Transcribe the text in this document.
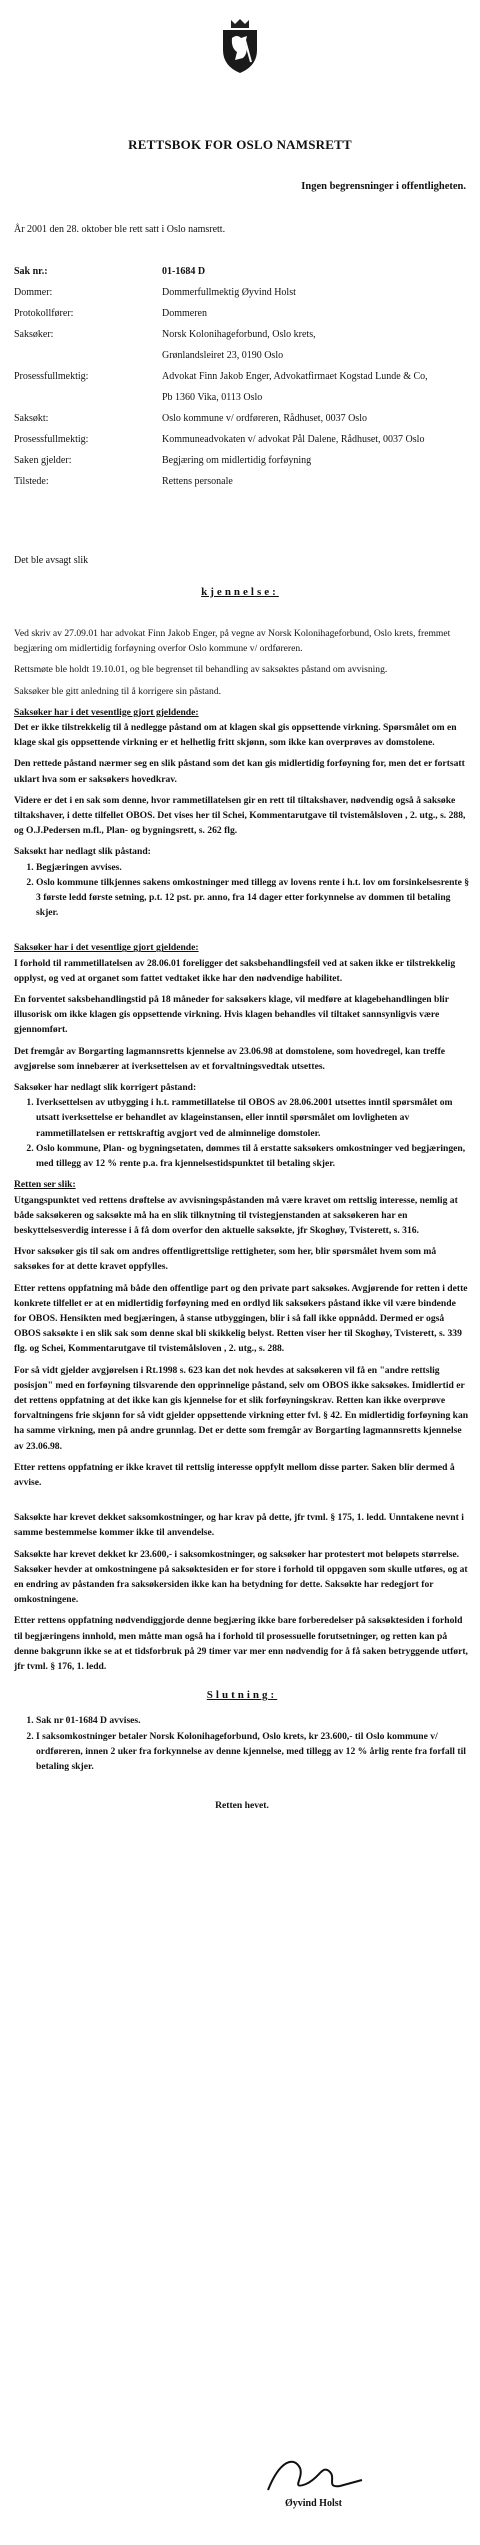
RETTSBOK FOR OSLO NAMSRETT
Ingen begrensninger i offentligheten.
År 2001 den 28. oktober ble rett satt i Oslo namsrett.
Sak nr.:	01-1684 D
Dommer:	Dommerfullmektig Øyvind Holst
Protokollfører:	Dommeren
Saksøker:	Norsk Kolonihageforbund, Oslo krets,
Grønlandsleiret 23, 0190 Oslo
Prosessfullmektig:	Advokat Finn Jakob Enger, Advokatfirmaet Kogstad Lunde & Co,
Pb 1360 Vika, 0113 Oslo
Saksøkt:	Oslo kommune v/ ordføreren, Rådhuset, 0037 Oslo
Prosessfullmektig:	Kommuneadvokaten v/ advokat Pål Dalene, Rådhuset, 0037 Oslo
Saken gjelder:	Begjæring om midlertidig forføyning
Tilstede:	Rettens personale
Det ble avsagt slik
kjennelse:

Ved skriv av 27.09.01 har advokat Finn Jakob Enger, på vegne av Norsk Kolonihageforbund, Oslo krets, fremmet begjæring om midlertidig forføyning overfor Oslo kommune v/ ordføreren.

Rettsmøte ble holdt 19.10.01, og ble begrenset til behandling av saksøktes påstand om avvisning.

Saksøker ble gitt anledning til å korrigere sin påstand.

Saksøker har i det vesentlige gjort gjeldende:

Det er ikke tilstrekkelig til å nedlegge påstand om at klagen skal gis oppsettende virkning. Spørsmålet om en klage skal gis oppsettende virkning er et helhetlig fritt skjønn, som ikke kan overprøves av domstolene.

Den rettede påstand nærmer seg en slik påstand som det kan gis midlertidig forføyning for, men det er fortsatt uklart hva som er saksøkers hovedkrav.

Videre er det i en sak som denne, hvor rammetillatelsen gir en rett til tiltakshaver, nødvendig også å saksøke tiltakshaver, i dette tilfellet OBOS. Det vises her til Schei, Kommentarutgave til tvistemålsloven , 2. utg., s. 288, og O.J.Pedersen m.fl., Plan- og bygningsrett, s. 262 flg.

Saksøkt har nedlagt slik påstand:
1. Begjæringen avvises.
2. Oslo kommune tilkjennes sakens omkostninger med tillegg av lovens rente i h.t. lov om forsinkelsesrente § 3 første ledd første setning, p.t. 12 pst. pr. anno, fra 14 dager etter forkynnelse av dommen til betaling skjer.
Saksøker har i det vesentlige gjort gjeldende:

I forhold til rammetillatelsen av 28.06.01 foreligger det saksbehandlingsfeil ved at saken ikke er tilstrekkelig opplyst, og ved at organet som fattet vedtaket ikke har den nødvendige habilitet.

En forventet saksbehandlingstid på 18 måneder for saksøkers klage, vil medføre at klagebehandlingen blir illusorisk om ikke klagen gis oppsettende virkning. Hvis klagen behandles vil tiltaket sannsynligvis være gjennomført.

Det fremgår av Borgarting lagmannsretts kjennelse av 23.06.98 at domstolene, som hovedregel, kan treffe avgjørelse som innebærer at iverksettelsen av et forvaltningsvedtak utsettes.

Saksøker har nedlagt slik korrigert påstand:
1. Iverksettelsen av utbygging i h.t. rammetillatelse til OBOS av 28.06.2001 utsettes inntil spørsmålet om utsatt iverksettelse er behandlet av klageinstansen, eller inntil spørsmålet om lovligheten av rammetillatelsen er rettskraftig avgjort ved de alminnelige domstoler.
2. Oslo kommune, Plan- og bygningsetaten, dømmes til å erstatte saksøkers omkostninger ved begjæringen, med tillegg av 12 % rente p.a. fra kjennelsestidspunktet til betaling skjer.
Retten ser slik:

Utgangspunktet ved rettens drøftelse av avvisningspåstanden må være kravet om rettslig interesse, nemlig at både saksøkeren og saksøkte må ha en slik tilknytning til tvistegjenstanden at saksøkeren har en beskyttelsesverdig interesse i å få dom overfor den aktuelle saksøkte, jfr Skoghøy, Tvisterett, s. 316.

Hvor saksøker gis til sak om andres offentligrettslige rettigheter, som her, blir spørsmålet hvem som må saksøkes for at dette kravet oppfylles.

Etter rettens oppfatning må både den offentlige part og den private part saksøkes. Avgjørende for retten i dette konkrete tilfellet er at en midlertidig forføyning med en ordlyd lik saksøkers påstand ikke vil være bindende for OBOS. Hensikten med begjæringen, å stanse utbyggingen, blir i så fall ikke oppnådd. Dermed er også OBOS saksøkte i en slik sak som denne skal bli skikkelig belyst. Retten viser her til Skoghøy, Tvisterett, s. 339 flg. og Schei, Kommentarutgave til tvistemålsloven , 2. utg., s. 288.

For så vidt gjelder avgjørelsen i Rt.1998 s. 623 kan det nok hevdes at saksøkeren vil få en "andre rettslig posisjon" med en forføyning tilsvarende den opprinnelige påstand, selv om OBOS ikke saksøkes. Imidlertid er det rettens oppfatning at det ikke kan gis kjennelse for et slik forføyningskrav. Retten kan ikke overprøve forvaltningens frie skjønn for så vidt gjelder oppsettende virkning etter fvl. § 42. En midlertidig forføyning kan ha samme virkning, men på andre grunnlag. Det er dette som fremgår av Borgarting lagmannsretts kjennelse av 23.06.98.

Etter rettens oppfatning er ikke kravet til rettslig interesse oppfylt mellom disse parter. Saken blir dermed å avvise.

Saksøkte har krevet dekket saksomkostninger, og har krav på dette, jfr tvml. § 175, 1. ledd. Unntakene nevnt i samme bestemmelse kommer ikke til anvendelse.

Saksøkte har krevet dekket kr 23.600,- i saksomkostninger, og saksøker har protestert mot beløpets størrelse. Saksøker hevder at omkostningene på saksøktesiden er for store i forhold til oppgaven som skulle utføres, og at en endring av påstanden fra saksøkersiden ikke kan ha betydning for dette. Saksøkte har redegjort for omkostningene.

Etter rettens oppfatning nødvendiggjorde denne begjæring ikke bare forberedelser på saksøktesiden i forhold til begjæringens innhold, men måtte man også ha i forhold til prosessuelle forutsetninger, og retten kan på denne bakgrunn ikke se at et tidsforbruk på 29 timer var mer enn nødvendig for å få saken betryggende utført, jfr tvml. § 176, 1. ledd.

Slutning:
1. Sak nr 01-1684 D avvises.
2. I saksomkostninger betaler Norsk Kolonihageforbund, Oslo krets, kr 23.600,- til Oslo kommune v/ ordføreren, innen 2 uker fra forkynnelse av denne kjennelse, med tillegg av 12 % årlig rente fra forfall til betaling skjer.
Retten hevet.
Øyvind Holst
